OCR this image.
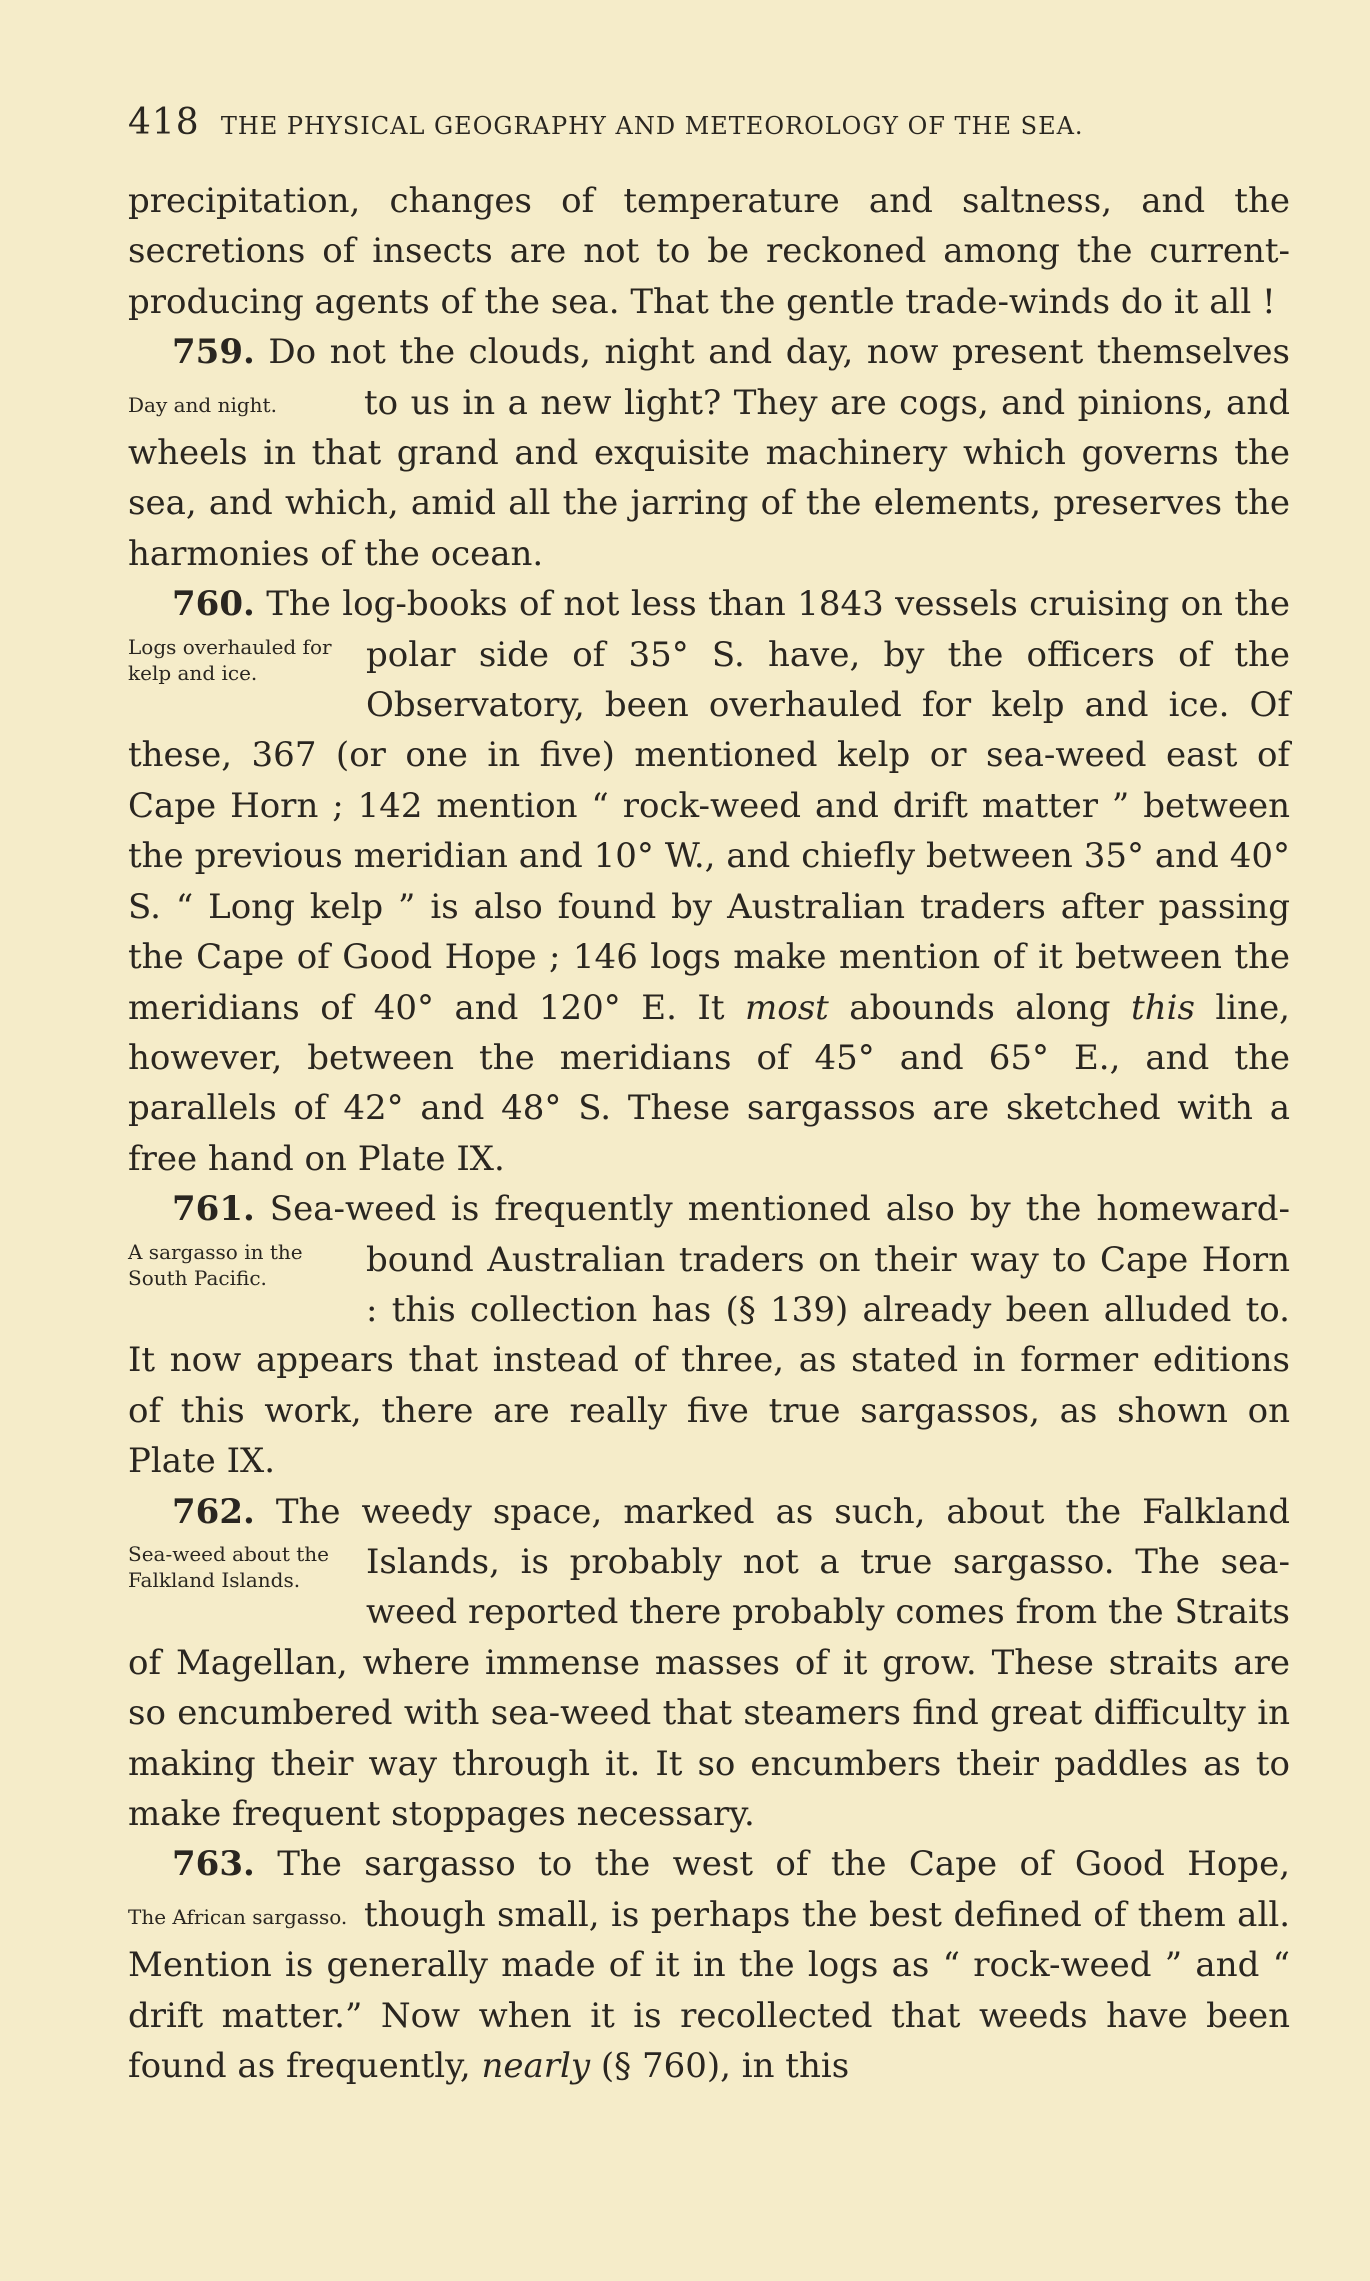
418 THE PHYSICAL GEOGRAPHY AND METEOROLOGY OF THE SEA.

precipitation, changes of temperature and saltness, and the secretions of insects are not to be reckoned among the current-producing agents of the sea. That the gentle trade-winds do it all !

759.
Day and night.
Do not the clouds, night and day, now present themselves to us in a new light? They are cogs, and pinions, and wheels in that grand and exquisite machinery which governs the sea, and which, amid all the jarring of the elements, preserves the harmonies of the ocean.

760.
Logs overhauled for kelp and ice.
The log-books of not less than 1843 vessels cruising on the polar side of 35° S. have, by the officers of the Observatory, been overhauled for kelp and ice. Of these, 367 (or one in five) mentioned kelp or sea-weed east of Cape Horn ; 142 mention “ rock-weed and drift matter ” between the previous meridian and 10° W., and chiefly between 35° and 40° S. “ Long kelp ” is also found by Australian traders after passing the Cape of Good Hope ; 146 logs make mention of it between the meridians of 40° and 120° E. It most abounds along this line, however, between the meridians of 45° and 65° E., and the parallels of 42° and 48° S. These sargassos are sketched with a free hand on Plate IX.

761.
A sargasso in the South Pacific.
Sea-weed is frequently mentioned also by the homeward-bound Australian traders on their way to Cape Horn : this collection has (§ 139) already been alluded to. It now appears that instead of three, as stated in former editions of this work, there are really five true sargassos, as shown on Plate IX.

762.
Sea-weed about the Falkland Islands.
The weedy space, marked as such, about the Falkland Islands, is probably not a true sargasso. The sea-weed reported there probably comes from the Straits of Magellan, where immense masses of it grow. These straits are so encumbered with sea-weed that steamers find great difficulty in making their way through it. It so encumbers their paddles as to make frequent stoppages necessary.

763.
The African sargasso.
The sargasso to the west of the Cape of Good Hope, though small, is perhaps the best defined of them all. Mention is generally made of it in the logs as “ rock-weed ” and “ drift matter.” Now when it is recollected that weeds have been found as frequently, nearly (§ 760), in this
